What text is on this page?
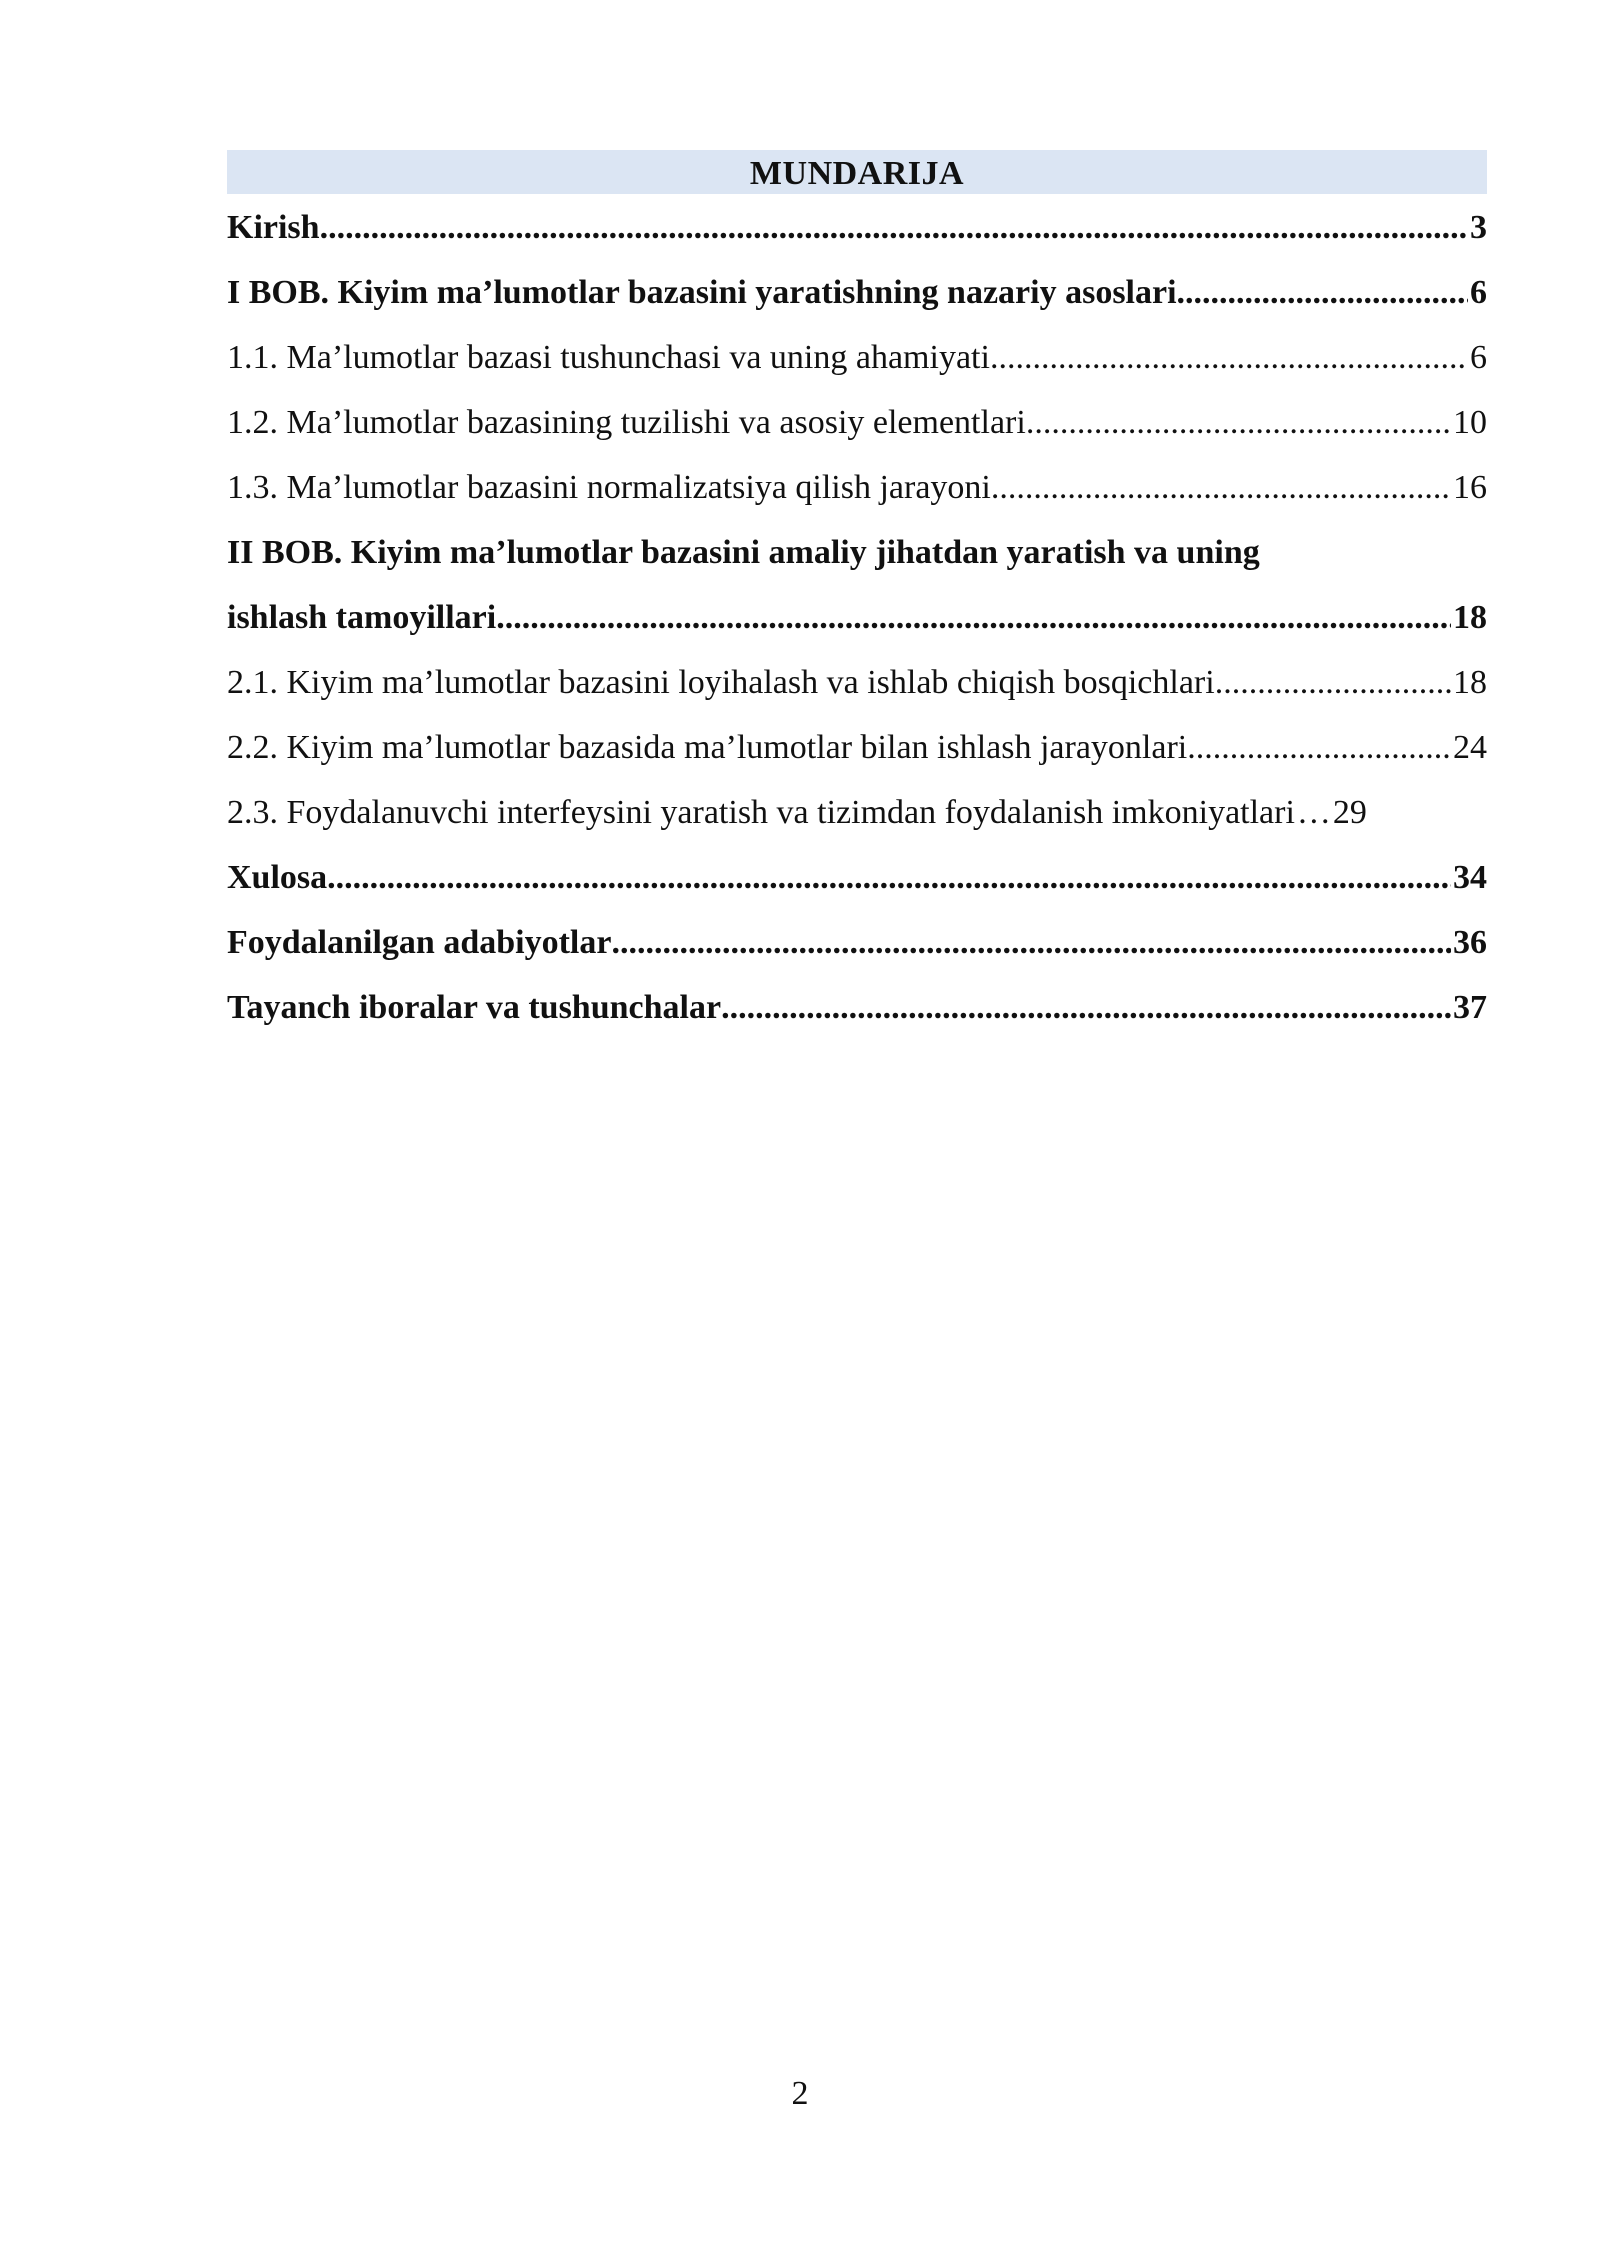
MUNDARIJA
Kirish .....	3
I BOB. Kiyim ma’lumotlar bazasini yaratishning nazariy asoslari .....	6
1.1. Ma’lumotlar bazasi tushunchasi va uning ahamiyati .....	6
1.2. Ma’lumotlar bazasining tuzilishi va asosiy elementlari .....	10
1.3. Ma’lumotlar bazasini normalizatsiya qilish jarayoni .....	16
II BOB. Kiyim ma’lumotlar bazasini amaliy jihatdan yaratish va uning
ishlash tamoyillari .....	18
2.1. Kiyim ma’lumotlar bazasini loyihalash va ishlab chiqish bosqichlari .....	18
2.2. Kiyim ma’lumotlar bazasida ma’lumotlar bilan ishlash jarayonlari .....	24
2.3. Foydalanuvchi interfeysini yaratish va tizimdan foydalanish imkoniyatlari … 29
Xulosa .....	34
Foydalanilgan adabiyotlar .....	36
Tayanch iboralar va tushunchalar .....	37
2
